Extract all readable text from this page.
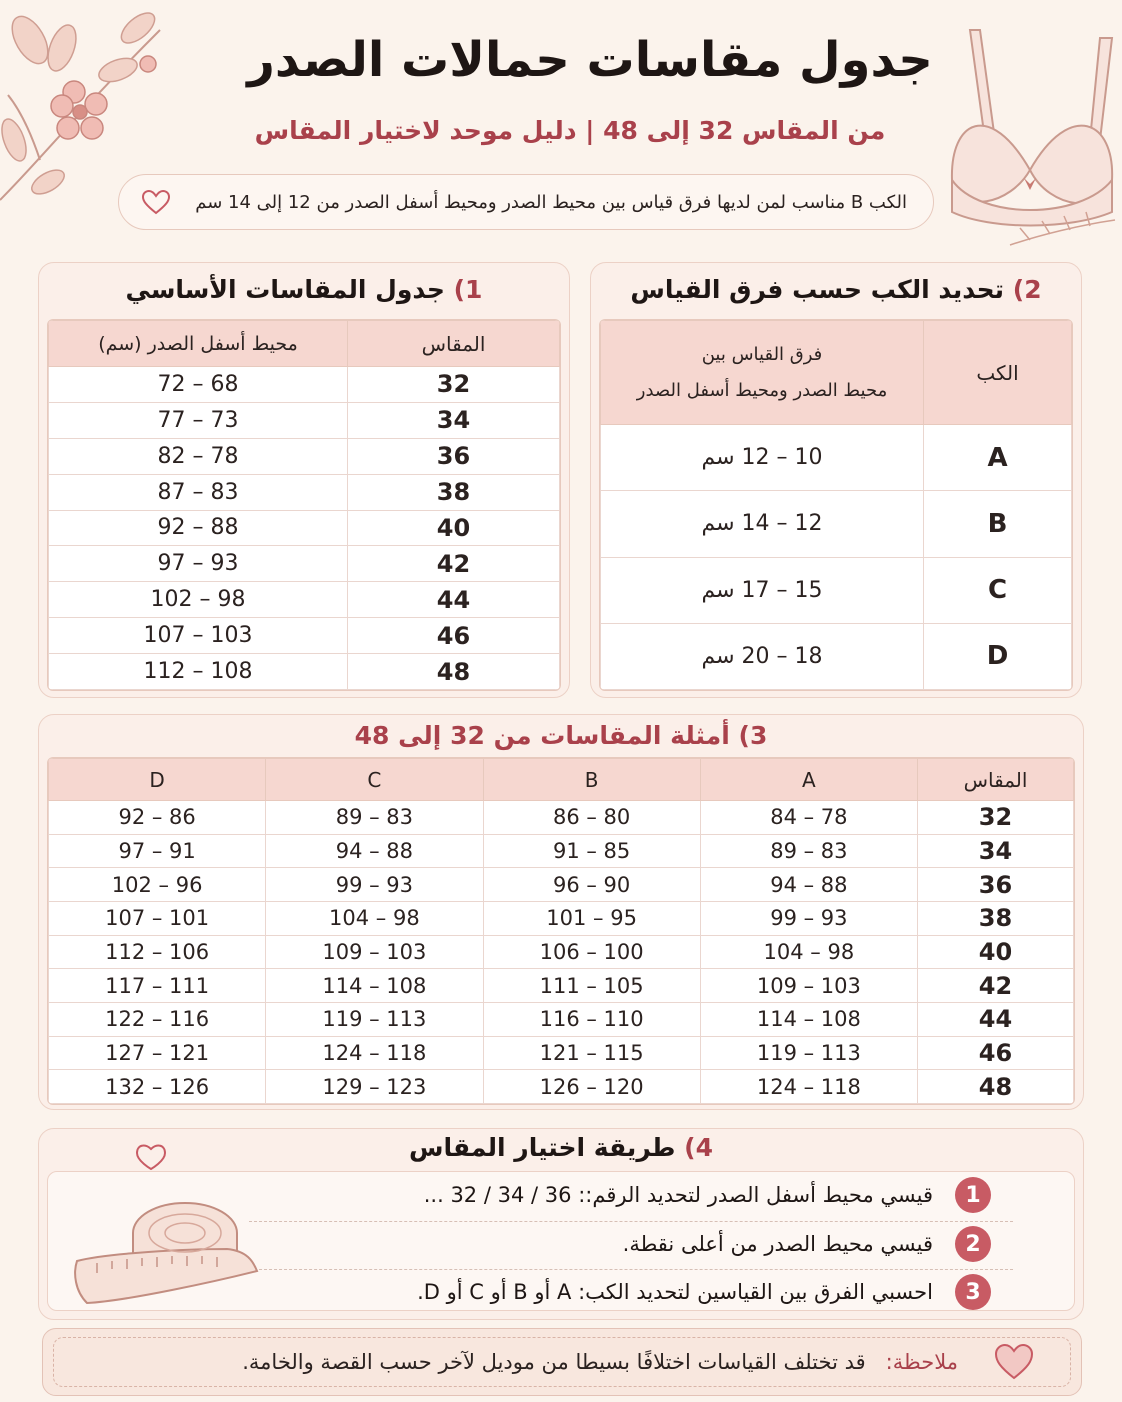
جدول مقاسات حمالات الصدر
من المقاس 32 إلى 48 | دليل موحد لاختيار المقاس
الكب B مناسب لمن لديها فرق قياس بين محيط الصدر ومحيط أسفل الصدر من 12 إلى 14 سم
1) جدول المقاسات الأساسي
المقاس	محيط أسفل الصدر (سم)
32	68 – 72
34	73 – 77
36	78 – 82
38	83 – 87
40	88 – 92
42	93 – 97
44	98 – 102
46	103 – 107
48	108 – 112
2) تحديد الكب حسب فرق القياس
الكب	فرق القياس بين
محيط الصدر ومحيط أسفل الصدر

A	10 – 12 سم
B	12 – 14 سم
C	15 – 17 سم
D	18 – 20 سم
3) أمثلة المقاسات من 32 إلى 48
المقاس	A	B	C	D
32	78 – 84	80 – 86	83 – 89	86 – 92
34	83 – 89	85 – 91	88 – 94	91 – 97
36	88 – 94	90 – 96	93 – 99	96 – 102
38	93 – 99	95 – 101	98 – 104	101 – 107
40	98 – 104	100 – 106	103 – 109	106 – 112
42	103 – 109	105 – 111	108 – 114	111 – 117
44	108 – 114	110 – 116	113 – 119	116 – 122
46	113 – 119	115 – 121	118 – 124	121 – 127
48	118 – 124	120 – 126	123 – 129	126 – 132
4) طريقة اختيار المقاس
1
قيسي محيط أسفل الصدر لتحديد الرقم:: 36 / 34 / 32 ...
2
قيسي محيط الصدر من أعلى نقطة.
3
احسبي الفرق بين القياسين لتحديد الكب: A أو B أو C أو D.
ملاحظة:
قد تختلف القياسات اختلافًا بسيطا من موديل لآخر حسب القصة والخامة.
